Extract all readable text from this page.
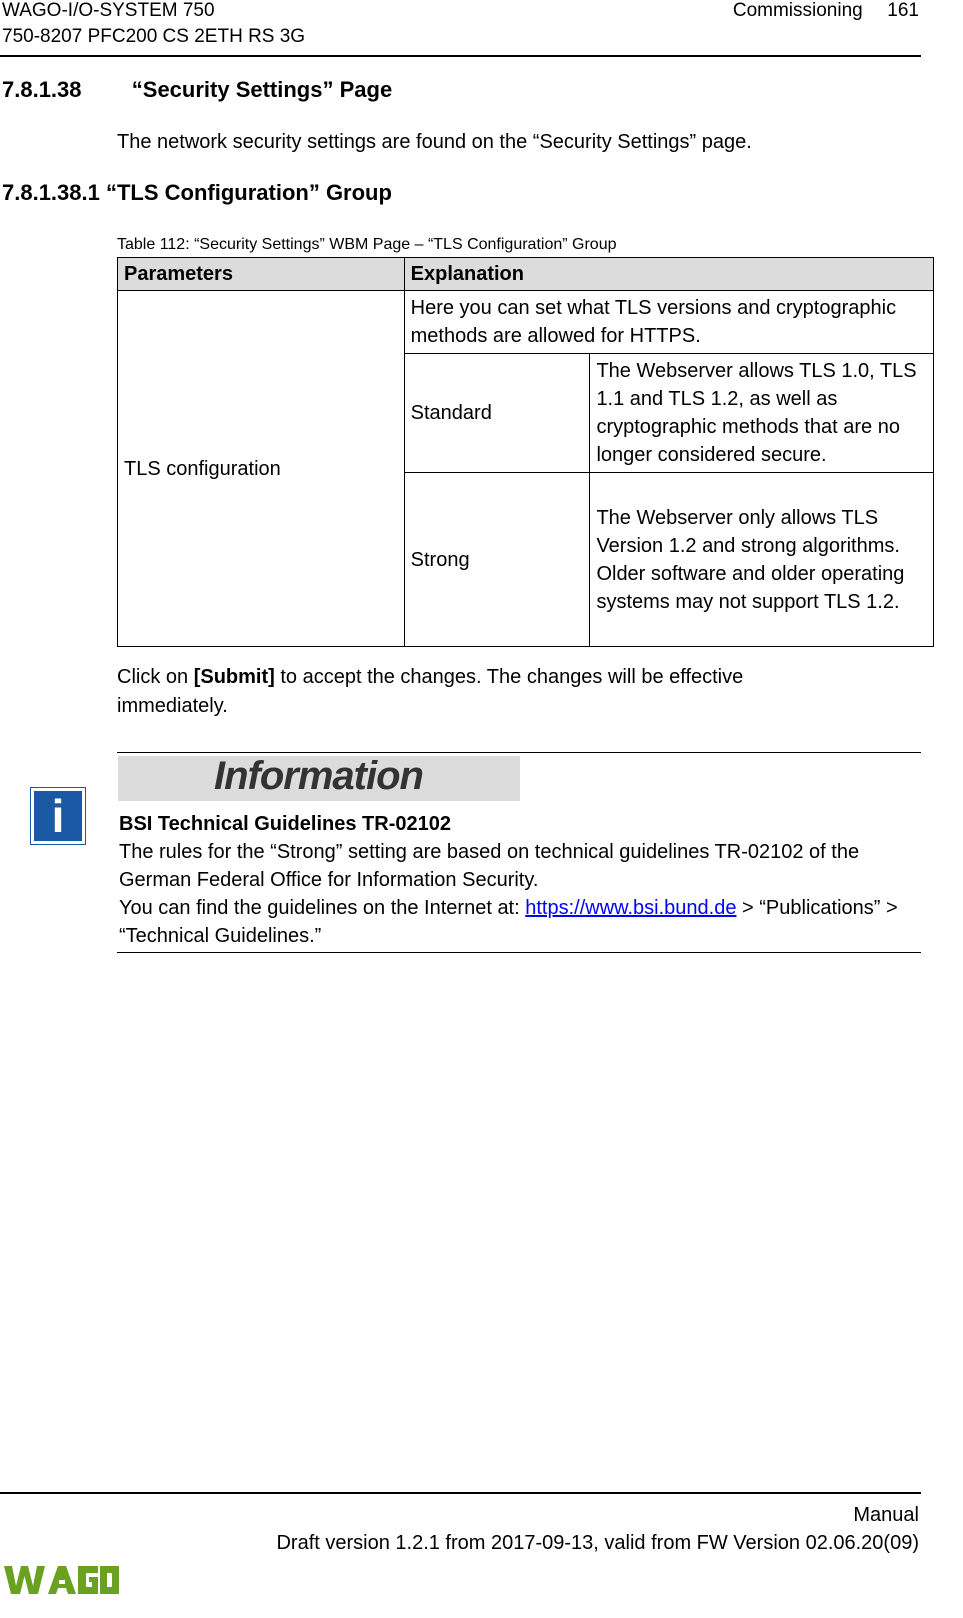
WAGO-I/O-SYSTEM 750
750-8207 PFC200 CS 2ETH RS 3G
Commissioning 161
7.8.1.38 “Security Settings” Page
The network security settings are found on the “Security Settings” page.
7.8.1.38.1 “TLS Configuration” Group
Table 112: “Security Settings” WBM Page – “TLS Configuration” Group
Parameters	Explanation	
TLS configuration	Here you can set what TLS versions and cryptographic methods are allowed for HTTPS.	
	Standard	The Webserver allows TLS 1.0, TLS 1.1 and TLS 1.2, as well as cryptographic methods that are no longer considered secure.
	Strong	The Webserver only allows TLS Version 1.2 and strong algorithms.
Older software and older operating systems may not support TLS 1.2.
Click on [Submit] to accept the changes. The changes will be effective immediately.
Information
i	BSI Technical Guidelines TR-02102
The rules for the “Strong” setting are based on technical guidelines TR-02102 of the German Federal Office for Information Security.
You can find the guidelines on the Internet at: https://www.bsi.bund.de > “Publications” > “Technical Guidelines.”
Manual
Draft version 1.2.1 from 2017-09-13, valid from FW Version 02.06.20(09)
